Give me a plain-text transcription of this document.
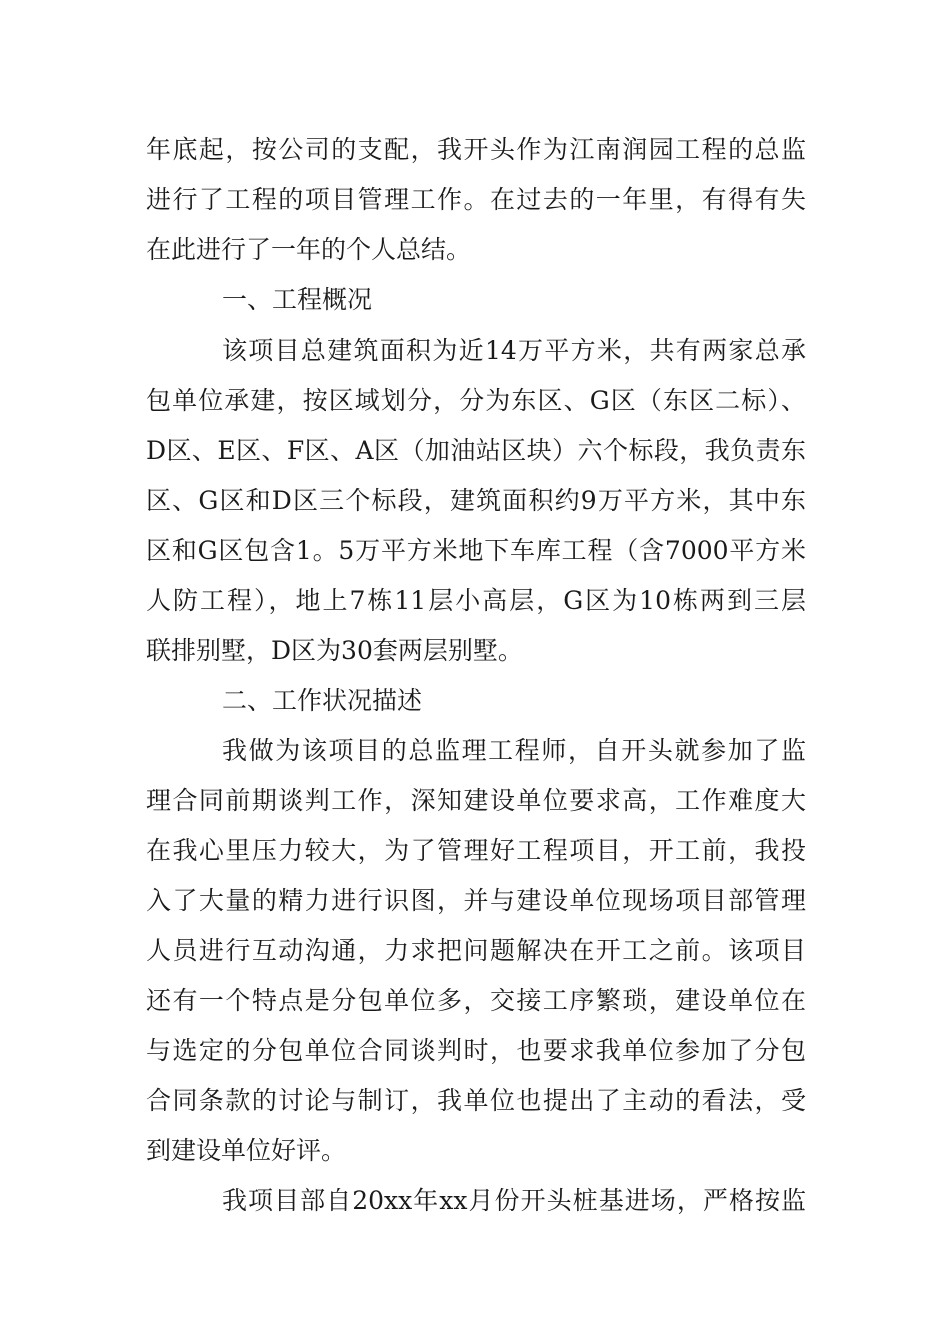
年底起，按公司的支配，我开头作为江南润园工程的总监
进行了工程的项目管理工作。在过去的一年里，有得有失
在此进行了一年的个人总结。
一、工程概况
该项目总建筑面积为近14万平方米，共有两家总承
包单位承建，按区域划分，分为东区、G区（东区二标）、
D区、E区、F区、A区（加油站区块）六个标段，我负责东
区、G区和D区三个标段，建筑面积约9万平方米，其中东
区和G区包含1。5万平方米地下车库工程（含7000平方米
人防工程），地上7栋11层小高层，G区为10栋两到三层
联排别墅，D区为30套两层别墅。
二、工作状况描述
我做为该项目的总监理工程师，自开头就参加了监
理合同前期谈判工作，深知建设单位要求高，工作难度大
在我心里压力较大，为了管理好工程项目，开工前，我投
入了大量的精力进行识图，并与建设单位现场项目部管理
人员进行互动沟通，力求把问题解决在开工之前。该项目
还有一个特点是分包单位多，交接工序繁琐，建设单位在
与选定的分包单位合同谈判时，也要求我单位参加了分包
合同条款的讨论与制订，我单位也提出了主动的看法，受
到建设单位好评。
我项目部自20xx年xx月份开头桩基进场，严格按监
